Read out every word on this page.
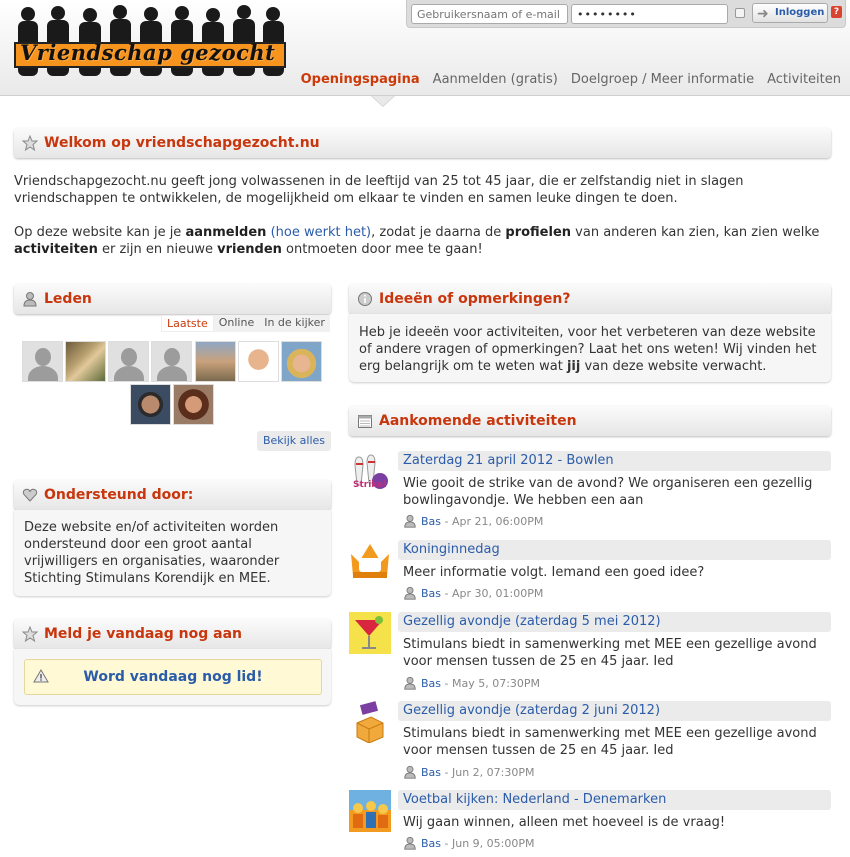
Vriendschap gezocht
Gebruikersnaam of e-mail
••••••••
➜ Inloggen	?
Openingspagina Aanmelden (gratis) Doelgroep / Meer informatie Activiteiten
Welkom op vriendschapgezocht.nu

Vriendschapgezocht.nu geeft jong volwassenen in de leeftijd van 25 tot 45 jaar, die er zelfstandig niet in slagen vriendschappen te ontwikkelen, de mogelijkheid om elkaar te vinden en samen leuke dingen te doen.

Op deze website kan je je aanmelden (hoe werkt het), zodat je daarna de profielen van anderen kan zien, kan zien welke activiteiten er zijn en nieuwe vrienden ontmoeten door mee te gaan!

Leden
Laatste	Online In de kijker
Bekijk alles
Ondersteund door:

Deze website en/of activiteiten worden ondersteund door een groot aantal vrijwilligers en organisaties, waaronder Stichting Stimulans Korendijk en MEE.

Meld je vandaag nog aan
Word vandaag nog lid!
Ideeën of opmerkingen?

Heb je ideeën voor activiteiten, voor het verbeteren van deze website of andere vragen of opmerkingen? Laat het ons weten! Wij vinden het erg belangrijk om te weten wat jij van deze website verwacht.

Aankomende activiteiten
Strike!
Zaterdag 21 april 2012 - Bowlen
Wie gooit de strike van de avond? We organiseren een gezellig bowlingavondje. We hebben een aan
Bas - Apr 21, 06:00PM
Koninginnedag
Meer informatie volgt. Iemand een goed idee?
Bas - Apr 30, 01:00PM
Gezellig avondje (zaterdag 5 mei 2012)
Stimulans biedt in samenwerking met MEE een gezellige avond voor mensen tussen de 25 en 45 jaar. Ied
Bas - May 5, 07:30PM
Gezellig avondje (zaterdag 2 juni 2012)
Stimulans biedt in samenwerking met MEE een gezellige avond voor mensen tussen de 25 en 45 jaar. Ied
Bas - Jun 2, 07:30PM
Voetbal kijken: Nederland - Denemarken
Wij gaan winnen, alleen met hoeveel is de vraag!
Bas - Jun 9, 05:00PM
